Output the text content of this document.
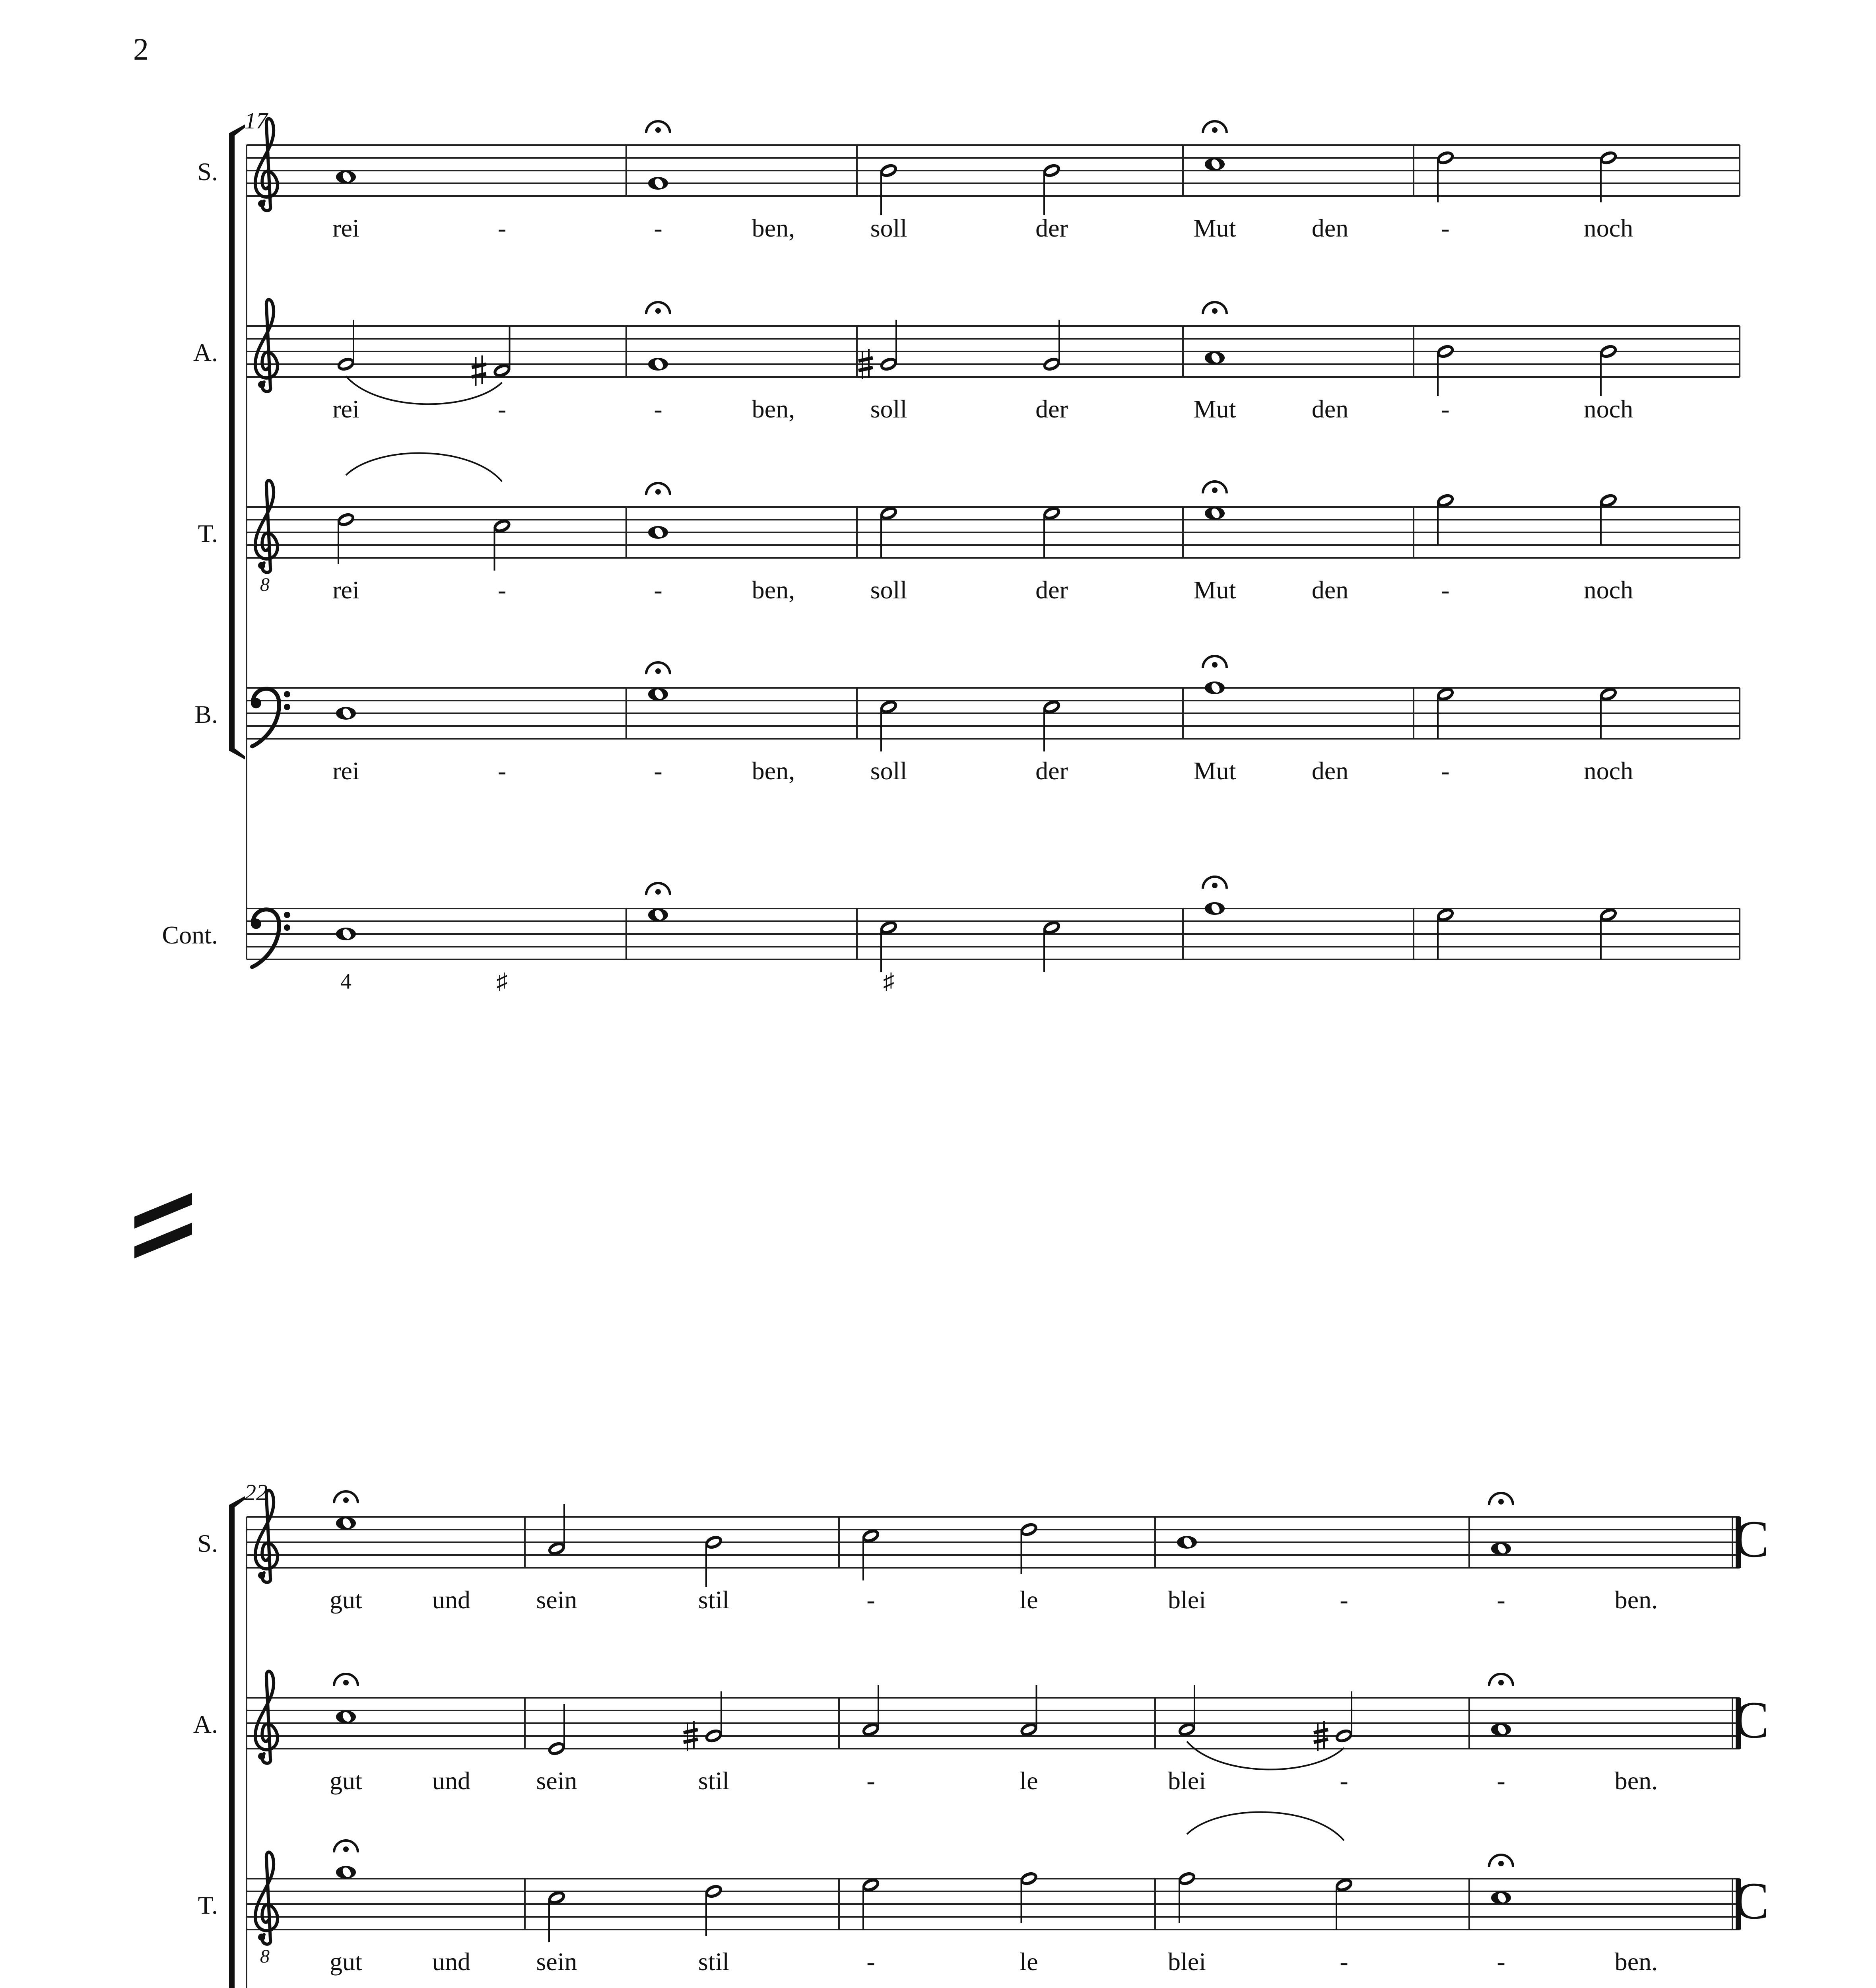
2
17
S.
rei	-	-	ben,	soll	der	Mut	den	-	noch
A.
rei	-	-	ben,	soll	der	Mut	den	-	noch
T.
8 rei	-	-	ben,	soll	der	Mut	den	-	noch
B.
rei	-	-	ben,	soll	der	Mut	den	-	noch
Cont.
4	♯	♯
22
S.	C
gut	und	sein	stil	-	le	blei	-	-	ben.
A.	C
gut	und	sein	stil	-	le	blei	-	-	ben.
T.	C
8 gut	und	sein	stil	-	le	blei	-	-	ben.
